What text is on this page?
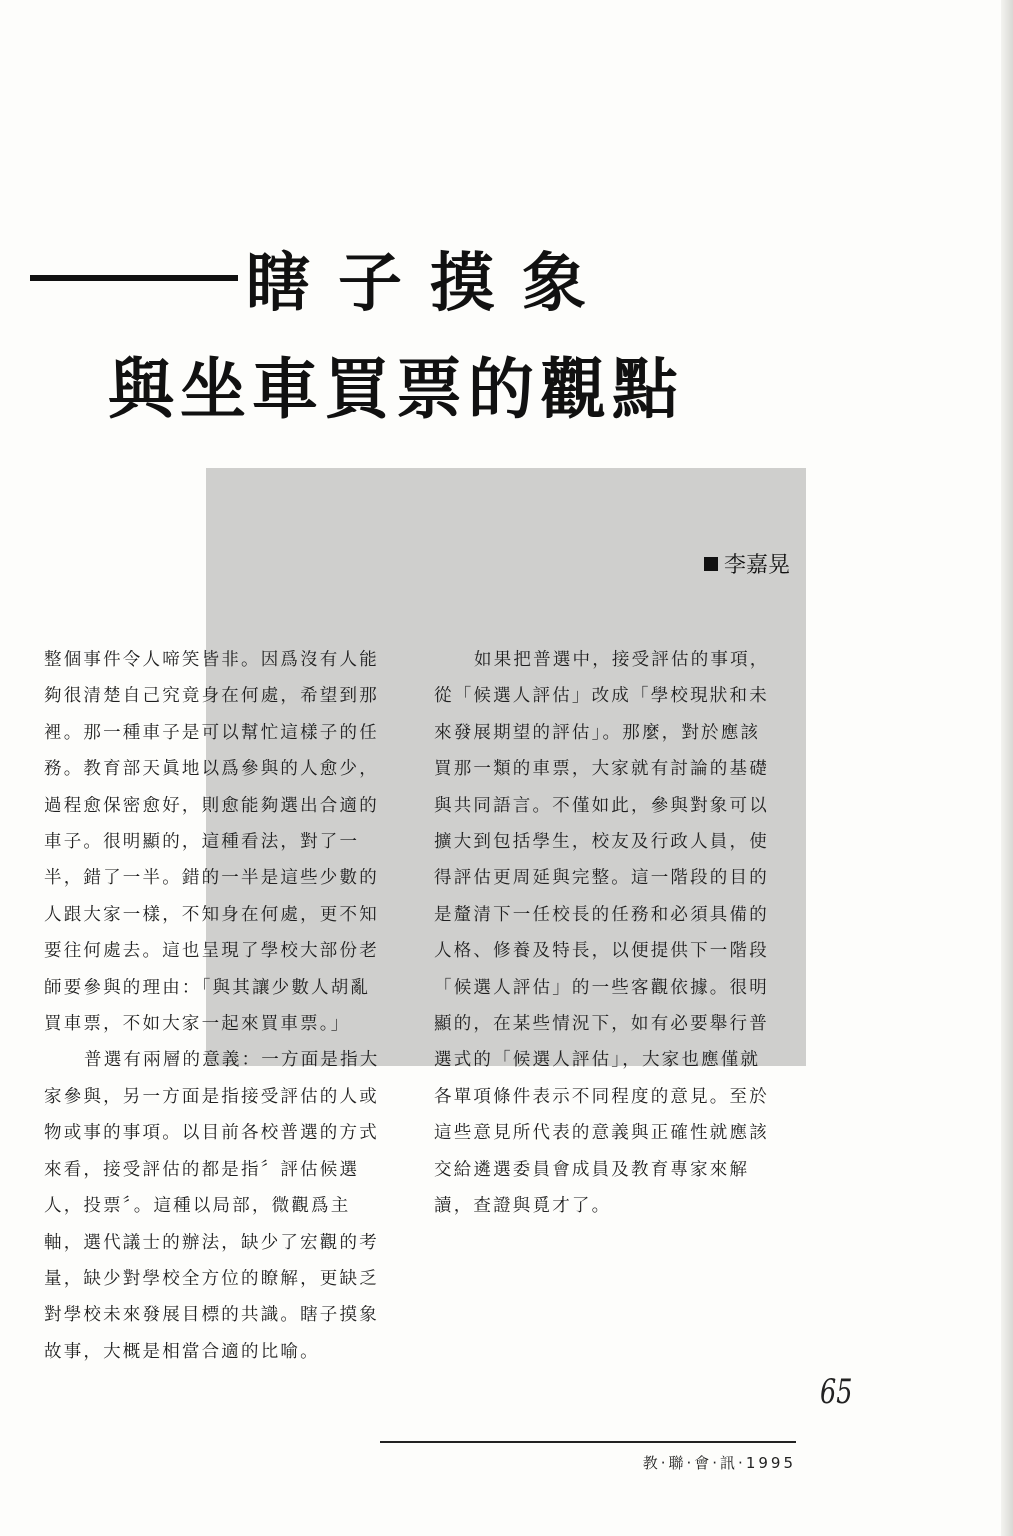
瞎子摸象
與坐車買票的觀點
李嘉晃

整個事件令人啼笑皆非。因爲沒有人能

夠很清楚自己究竟身在何處，希望到那

裡。那一種車子是可以幫忙這樣子的任

務。教育部天眞地以爲參與的人愈少，

過程愈保密愈好，則愈能夠選出合適的

車子。很明顯的，這種看法，對了一

半，錯了一半。錯的一半是這些少數的

人跟大家一樣，不知身在何處，更不知

要往何處去。這也呈現了學校大部份老

師要參與的理由：「與其讓少數人胡亂

買車票，不如大家一起來買車票。」

普選有兩層的意義：一方面是指大

家參與，另一方面是指接受評估的人或

物或事的事項。以目前各校普選的方式

來看，接受評估的都是指〞評估候選

人，投票〞。這種以局部，微觀爲主

軸，選代議士的辦法，缺少了宏觀的考

量，缺少對學校全方位的瞭解，更缺乏

對學校未來發展目標的共識。瞎子摸象

故事，大概是相當合適的比喻。

如果把普選中，接受評估的事項，

從「候選人評估」改成「學校現狀和未

來發展期望的評估」。那麼，對於應該

買那一類的車票，大家就有討論的基礎

與共同語言。不僅如此，參與對象可以

擴大到包括學生，校友及行政人員，使

得評估更周延與完整。這一階段的目的

是釐清下一任校長的任務和必須具備的

人格、修養及特長，以便提供下一階段

「候選人評估」的一些客觀依據。很明

顯的，在某些情況下，如有必要舉行普

選式的「候選人評估」，大家也應僅就

各單項條件表示不同程度的意見。至於

這些意見所代表的意義與正確性就應該

交給遴選委員會成員及教育專家來解

讀，查證與覓才了。

65
教·聯·會·訊·1995
